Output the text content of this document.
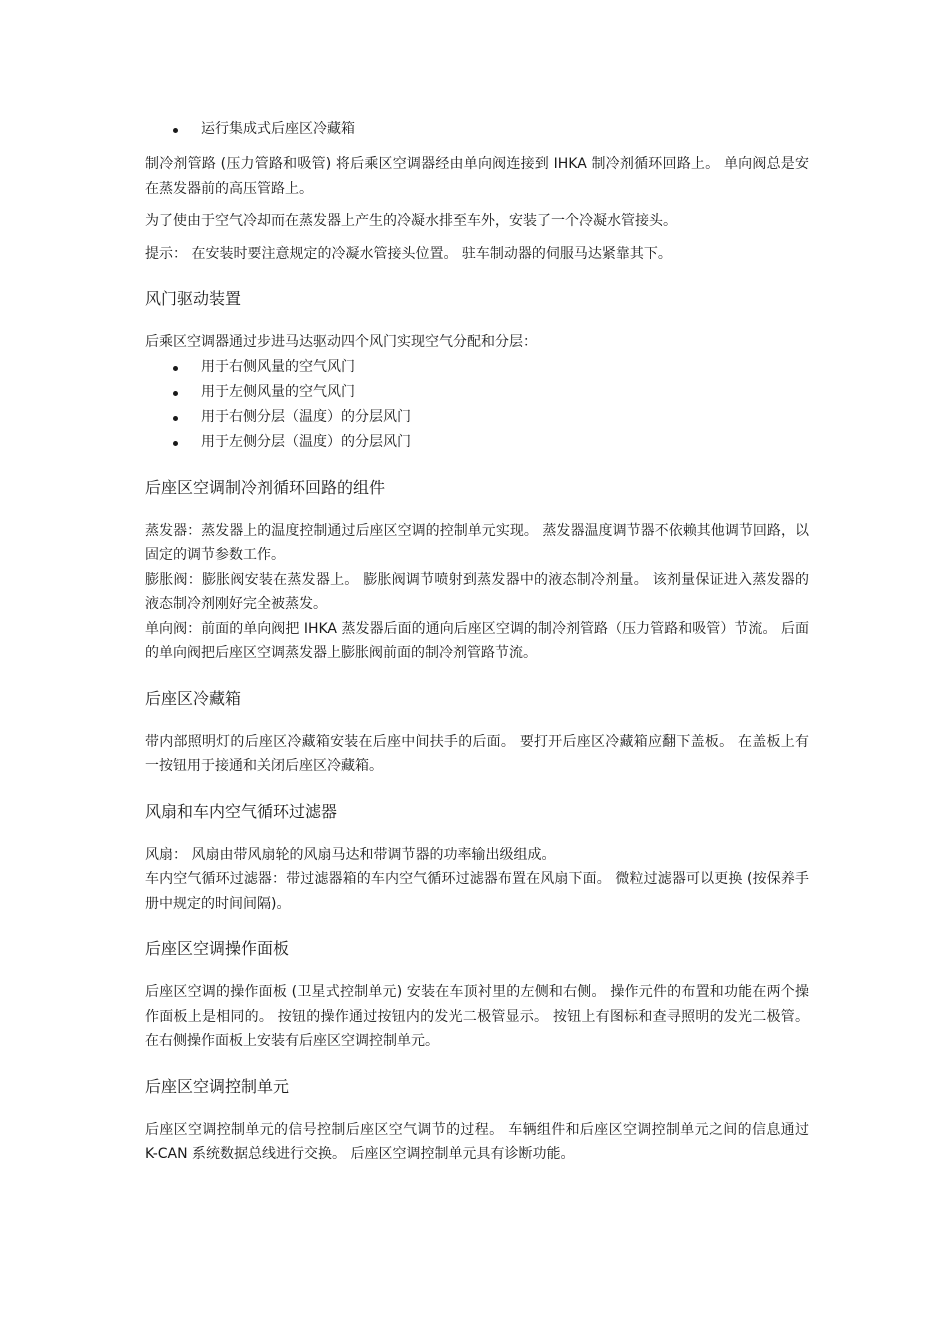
运行集成式后座区冷藏箱

制冷剂管路 (压力管路和吸管) 将后乘区空调器经由单向阀连接到 IHKA 制冷剂循环回路上。 单向阀总是安在蒸发器前的高压管路上。

为了使由于空气冷却而在蒸发器上产生的冷凝水排至车外，安装了一个冷凝水管接头。

提示： 在安装时要注意规定的冷凝水管接头位置。 驻车制动器的伺服马达紧靠其下。

风门驱动装置

后乘区空调器通过步进马达驱动四个风门实现空气分配和分层：

用于右侧风量的空气风门
用于左侧风量的空气风门
用于右侧分层（温度）的分层风门
用于左侧分层（温度）的分层风门
后座区空调制冷剂循环回路的组件

蒸发器：蒸发器上的温度控制通过后座区空调的控制单元实现。 蒸发器温度调节器不依赖其他调节回路，以固定的调节参数工作。

膨胀阀：膨胀阀安装在蒸发器上。 膨胀阀调节喷射到蒸发器中的液态制冷剂量。 该剂量保证进入蒸发器的液态制冷剂刚好完全被蒸发。

单向阀：前面的单向阀把 IHKA 蒸发器后面的通向后座区空调的制冷剂管路（压力管路和吸管）节流。 后面的单向阀把后座区空调蒸发器上膨胀阀前面的制冷剂管路节流。

后座区冷藏箱

带内部照明灯的后座区冷藏箱安装在后座中间扶手的后面。 要打开后座区冷藏箱应翻下盖板。 在盖板上有一按钮用于接通和关闭后座区冷藏箱。

风扇和车内空气循环过滤器

风扇： 风扇由带风扇轮的风扇马达和带调节器的功率输出级组成。

车内空气循环过滤器：带过滤器箱的车内空气循环过滤器布置在风扇下面。 微粒过滤器可以更换 (按保养手册中规定的时间间隔)。

后座区空调操作面板

后座区空调的操作面板 (卫星式控制单元) 安装在车顶衬里的左侧和右侧。 操作元件的布置和功能在两个操作面板上是相同的。 按钮的操作通过按钮内的发光二极管显示。 按钮上有图标和查寻照明的发光二极管。 在右侧操作面板上安装有后座区空调控制单元。

后座区空调控制单元

后座区空调控制单元的信号控制后座区空气调节的过程。 车辆组件和后座区空调控制单元之间的信息通过 K-CAN 系统数据总线进行交换。 后座区空调控制单元具有诊断功能。
